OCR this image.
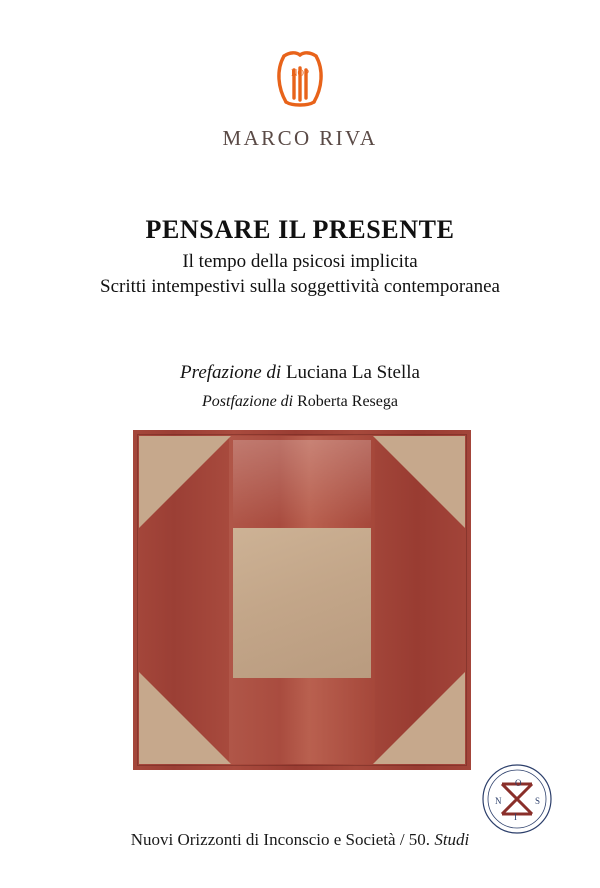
NOP
MARCO RIVA
PENSARE IL PRESENTE
Il tempo della psicosi implicita
Scritti intempestivi sulla soggettività contemporanea
Prefazione di Luciana La Stella
Postfazione di Roberta Resega
Nuovi Orizzonti di Inconscio e Società / 50. Studi
N
O
S
I
